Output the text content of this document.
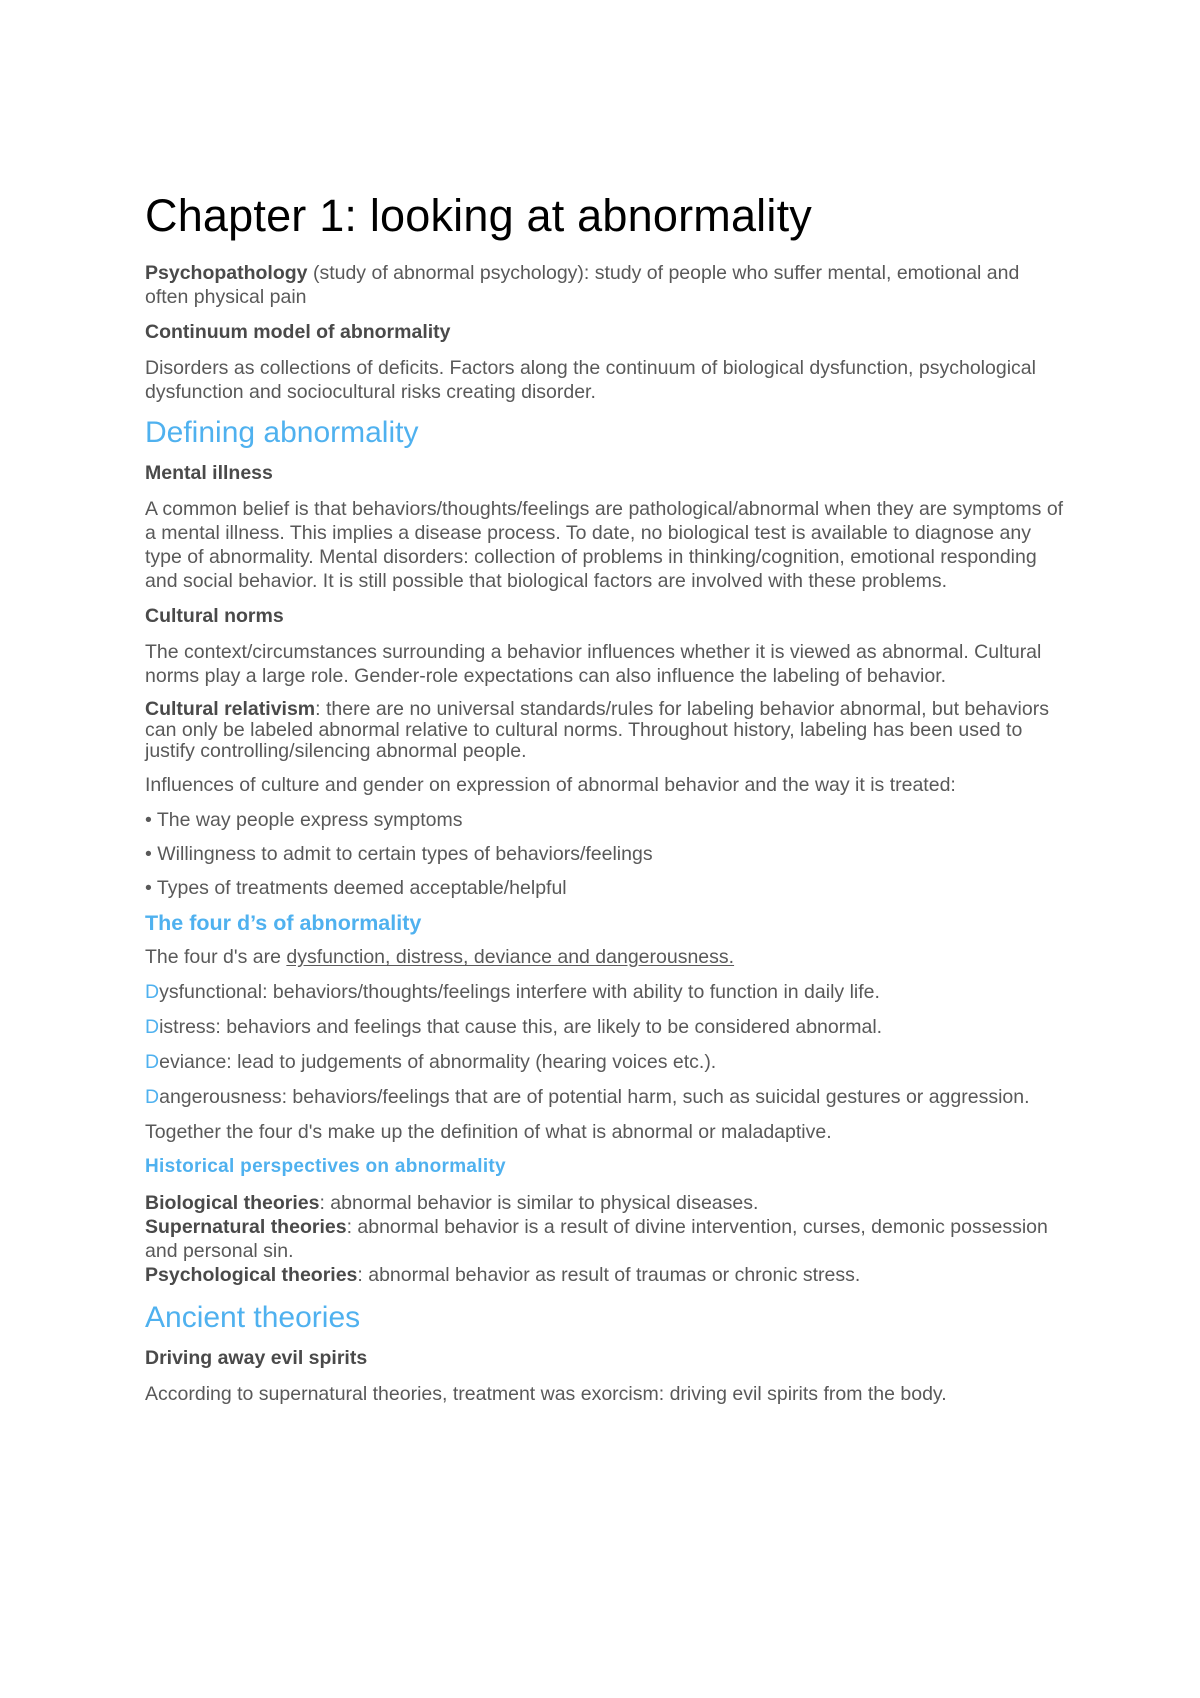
Chapter 1: looking at abnormality

Psychopathology (study of abnormal psychology): study of people who suffer mental, emotional and often physical pain

Continuum model of abnormality

Disorders as collections of deficits. Factors along the continuum of biological dysfunction, psychological dysfunction and sociocultural risks creating disorder.

Defining abnormality
Mental illness

A common belief is that behaviors/thoughts/feelings are pathological/abnormal when they are symptoms of a mental illness. This implies a disease process. To date, no biological test is available to diagnose any type of abnormality. Mental disorders: collection of problems in thinking/cognition, emotional responding and social behavior. It is still possible that biological factors are involved with these problems.

Cultural norms

The context/circumstances surrounding a behavior influences whether it is viewed as abnormal. Cultural norms play a large role. Gender-role expectations can also influence the labeling of behavior.

Cultural relativism: there are no universal standards/rules for labeling behavior abnormal, but behaviors can only be labeled abnormal relative to cultural norms. Throughout history, labeling has been used to justify controlling/silencing abnormal people.

Influences of culture and gender on expression of abnormal behavior and the way it is treated:

• The way people express symptoms
• Willingness to admit to certain types of behaviors/feelings
• Types of treatments deemed acceptable/helpful
The four d’s of abnormality

The four d's are dysfunction, distress, deviance and dangerousness.

Dysfunctional: behaviors/thoughts/feelings interfere with ability to function in daily life.

Distress: behaviors and feelings that cause this, are likely to be considered abnormal.

Deviance: lead to judgements of abnormality (hearing voices etc.).

Dangerousness: behaviors/feelings that are of potential harm, such as suicidal gestures or aggression.

Together the four d's make up the definition of what is abnormal or maladaptive.

Historical perspectives on abnormality

Biological theories: abnormal behavior is similar to physical diseases.

Supernatural theories: abnormal behavior is a result of divine intervention, curses, demonic possession and personal sin.

Psychological theories: abnormal behavior as result of traumas or chronic stress.

Ancient theories
Driving away evil spirits

According to supernatural theories, treatment was exorcism: driving evil spirits from the body.
